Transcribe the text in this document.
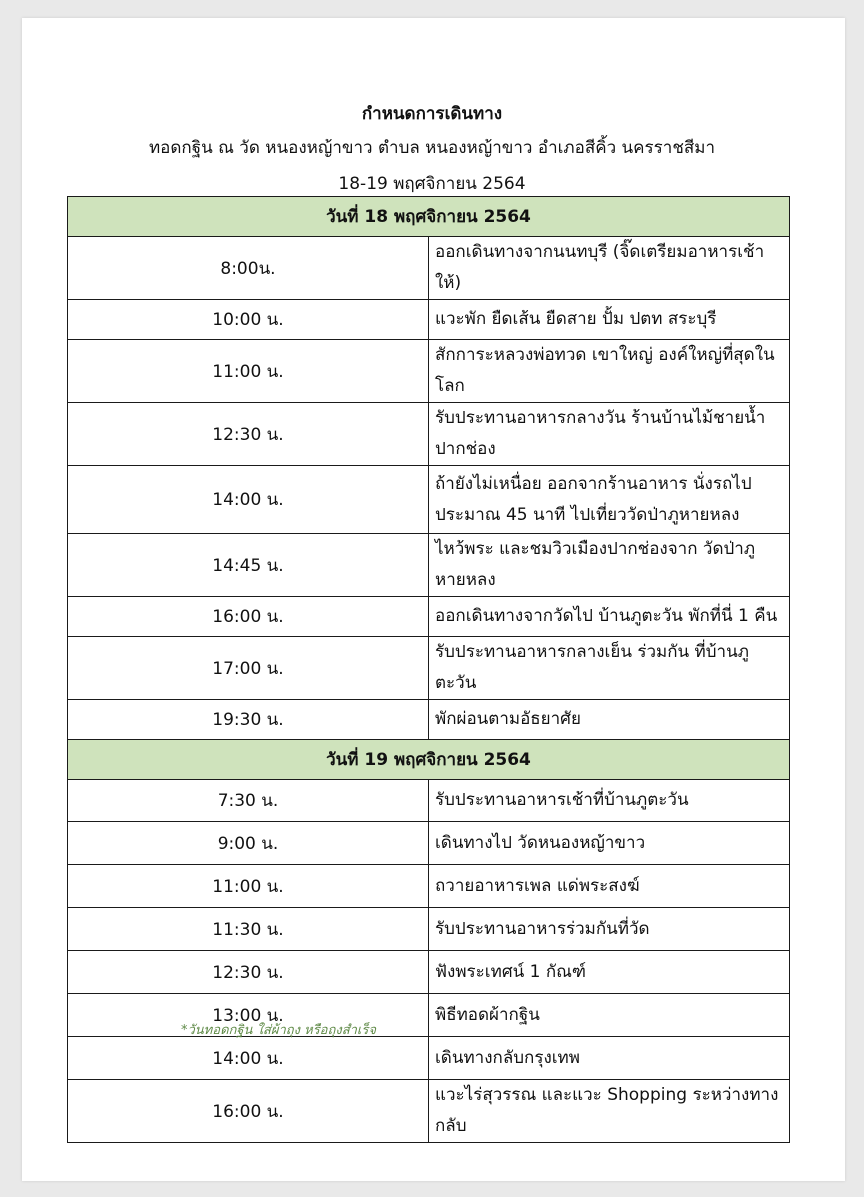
กำหนดการเดินทาง
ทอดกฐิน ณ วัด หนองหญ้าขาว ตำบล หนองหญ้าขาว อำเภอสีคิ้ว นครราชสีมา
18-19 พฤศจิกายน 2564
วันที่ 18 พฤศจิกายน 2564	
8:00น.	ออกเดินทางจากนนทบุรี (จิ๊ดเตรียมอาหารเช้าให้)
10:00 น.	แวะพัก ยืดเส้น ยืดสาย ปั้ม ปตท สระบุรี
11:00 น.	สักการะหลวงพ่อทวด เขาใหญ่ องค์ใหญ่ที่สุดในโลก
12:30 น.	รับประทานอาหารกลางวัน ร้านบ้านไม้ชายน้ำ ปากช่อง
14:00 น.	ถ้ายังไม่เหนื่อย ออกจากร้านอาหาร นั่งรถไปประมาณ 45 นาที ไปเที่ยววัดป่าภูหายหลง
14:45 น.	ไหว้พระ และชมวิวเมืองปากช่องจาก วัดป่าภูหายหลง
16:00 น.	ออกเดินทางจากวัดไป บ้านภูตะวัน พักที่นี่ 1 คืน
17:00 น.	รับประทานอาหารกลางเย็น ร่วมกัน ที่บ้านภูตะวัน
19:30 น.	พักผ่อนตามอัธยาศัย
วันที่ 19 พฤศจิกายน 2564	
7:30 น.	รับประทานอาหารเช้าที่บ้านภูตะวัน
9:00 น.	เดินทางไป วัดหนองหญ้าขาว
11:00 น.	ถวายอาหารเพล แด่พระสงฆ์
11:30 น.	รับประทานอาหารร่วมกันที่วัด
12:30 น.	ฟังพระเทศน์ 1 กัณฑ์
13:00 น.	พิธีทอดผ้ากฐิน
14:00 น.	เดินทางกลับกรุงเทพ
16:00 น.	แวะไร่สุวรรณ และแวะ Shopping ระหว่างทางกลับ
*วันทอดกฐิน ใส่ผ้าถุง หรือถุงสำเร็จ
